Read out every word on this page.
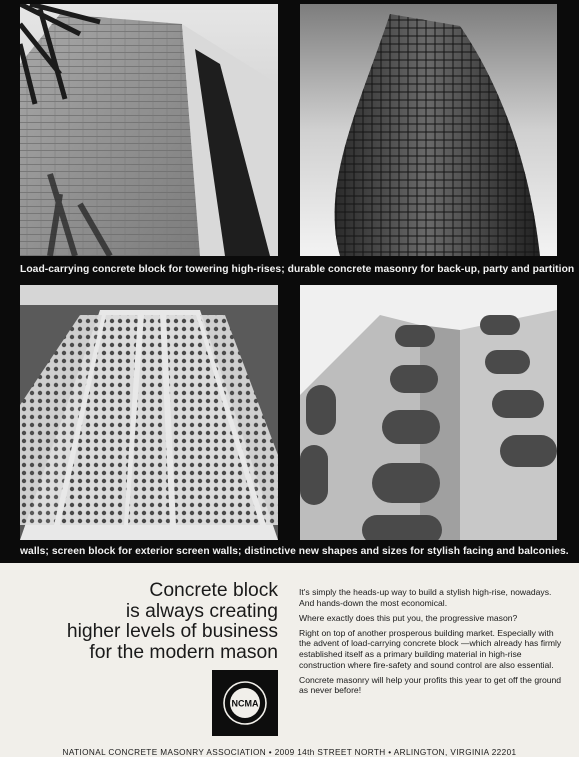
Load-carrying concrete block for towering high-rises; durable concrete masonry for back-up, party and partition
walls; screen block for exterior screen walls; distinctive new shapes and sizes for stylish facing and balconies.
Concrete block
is always creating
higher levels of business
for the modern mason
NCMA

It's simply the heads-up way to build a stylish high-rise, nowadays. And hands-down the most economical.

Where exactly does this put you, the progressive mason?

Right on top of another prosperous building market. Especially with the advent of load-carrying concrete block —which already has firmly established itself as a primary building material in high-rise construction where fire-safety and sound control are also essential.

Concrete masonry will help your profits this year to get off the ground as never before!

NATIONAL CONCRETE MASONRY ASSOCIATION • 2009 14th STREET NORTH • ARLINGTON, VIRGINIA 22201
